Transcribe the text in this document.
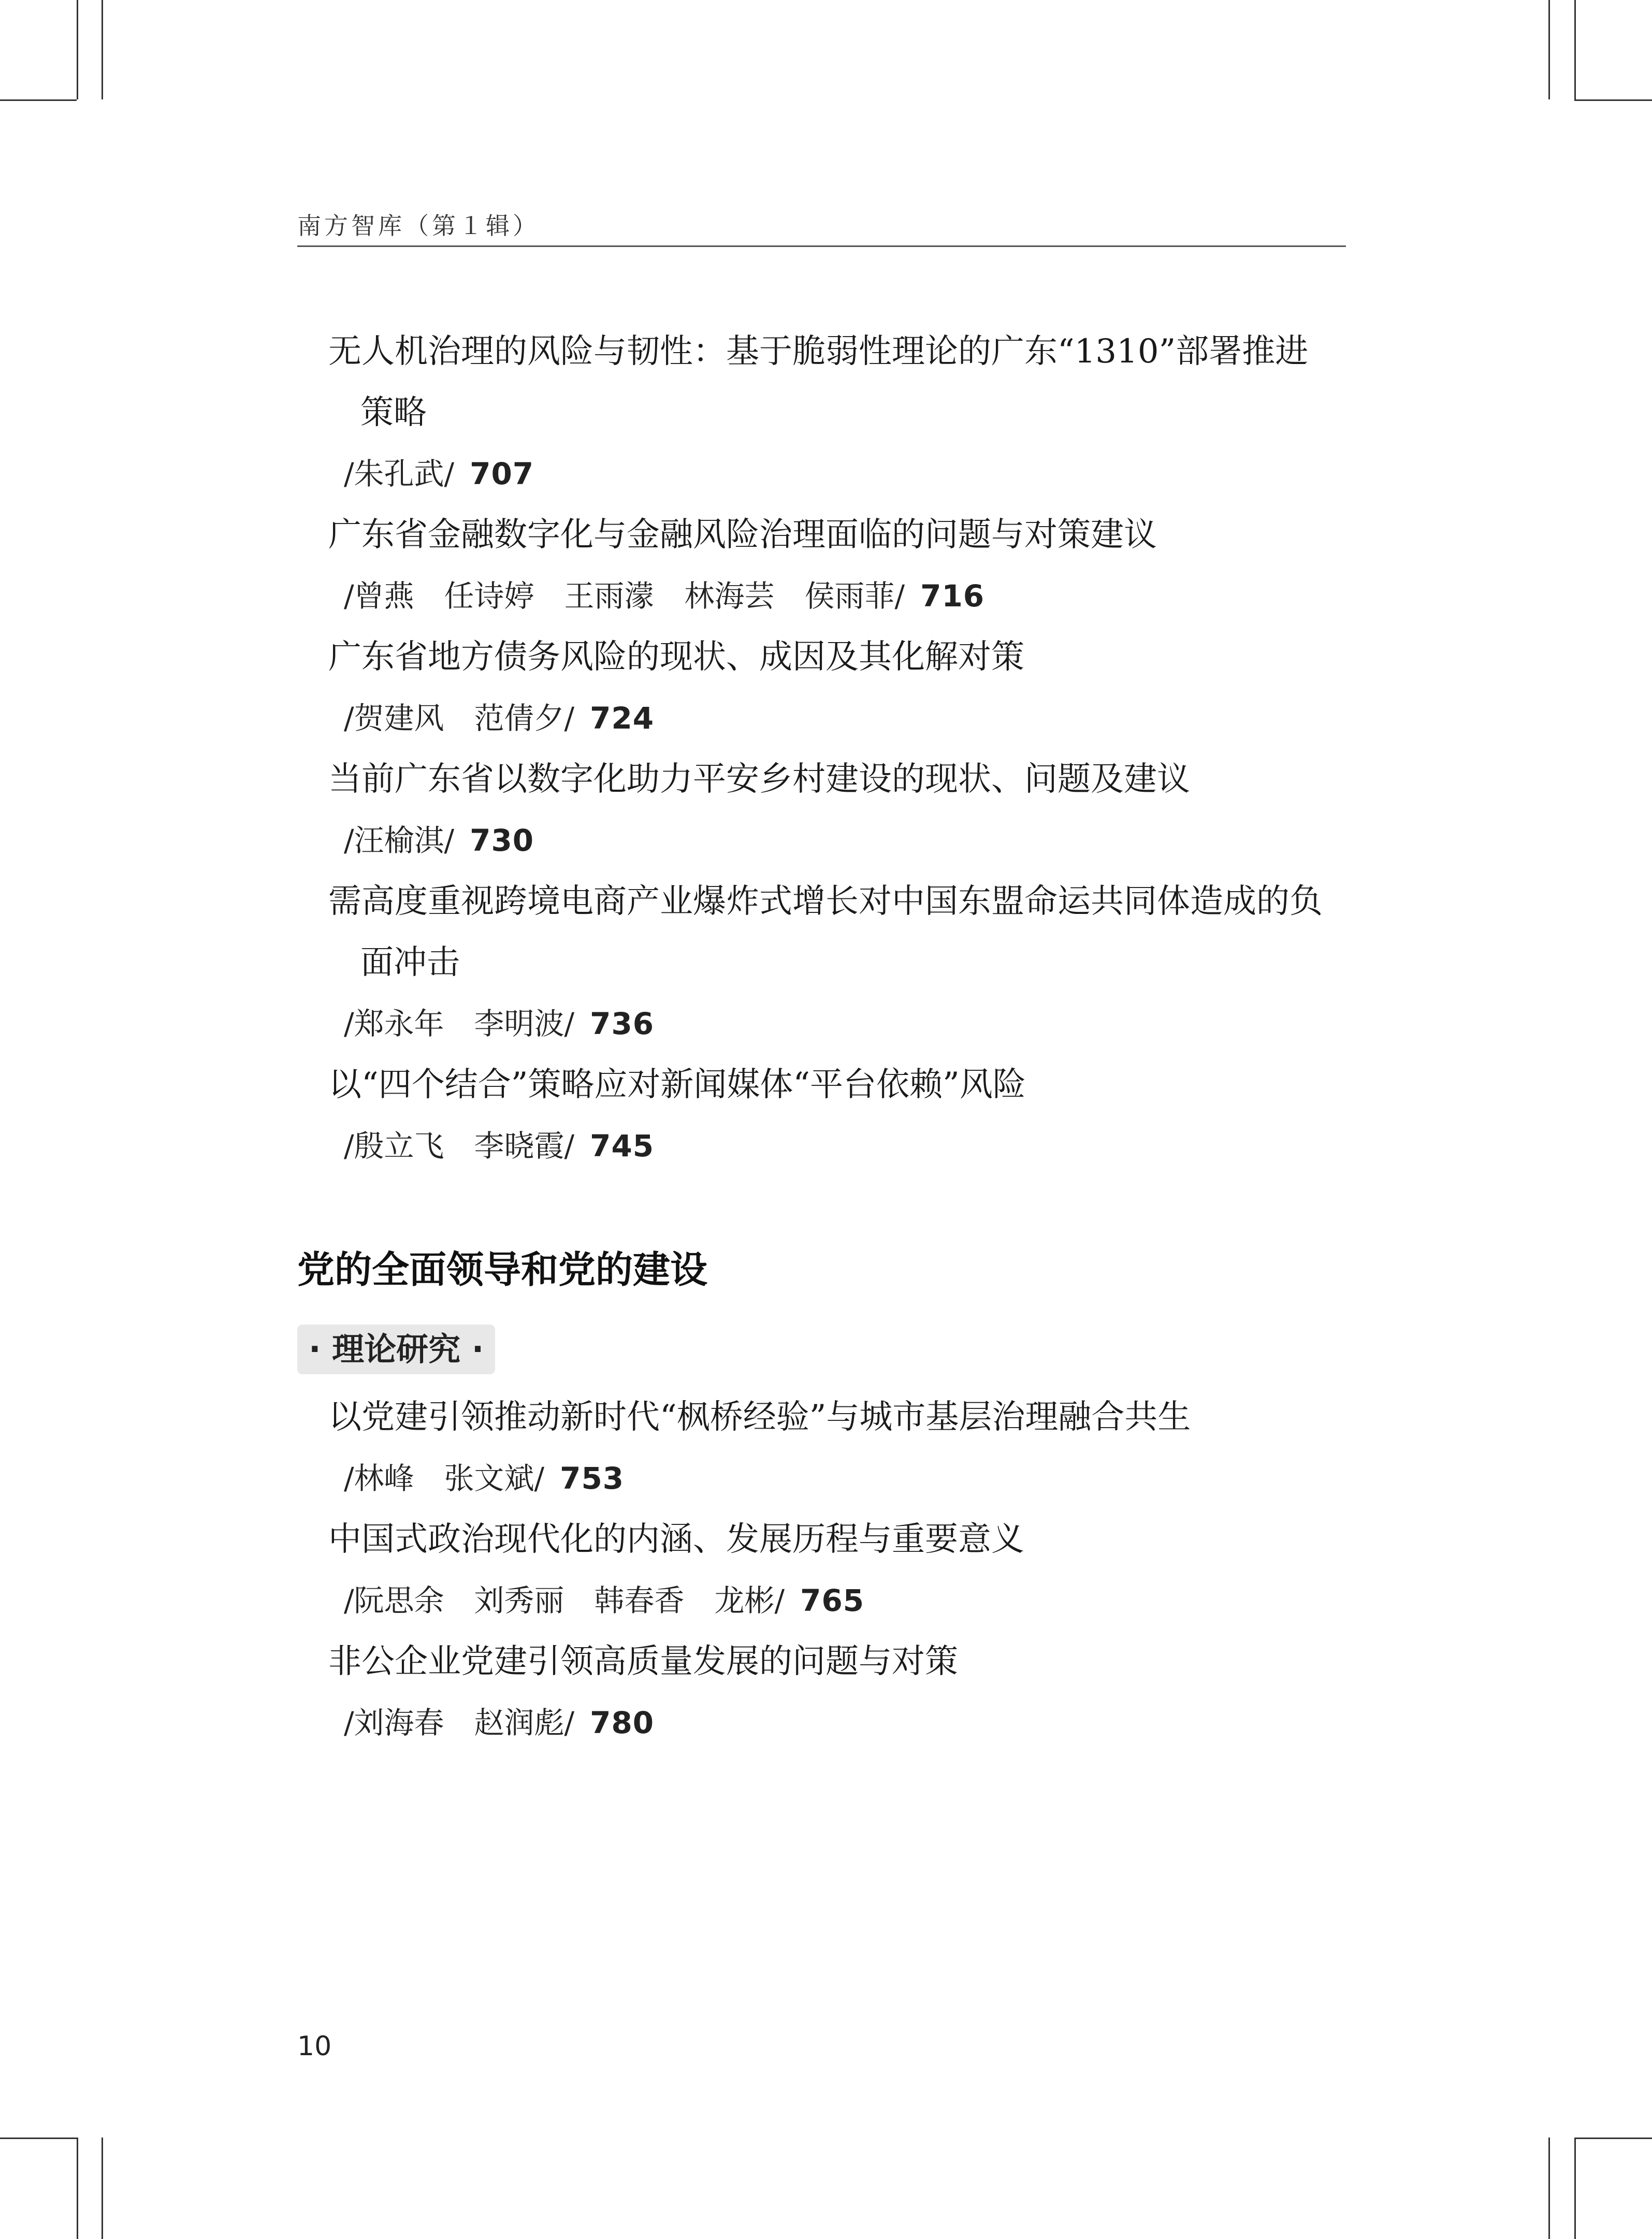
南方智库（第１辑）
无人机治理的风险与韧性：基于脆弱性理论的广东“1310”部署推进
策略
/朱孔武/ 707
广东省金融数字化与金融风险治理面临的问题与对策建议
/曾燕　任诗婷　王雨濛　林海芸　侯雨菲/ 716
广东省地方债务风险的现状、成因及其化解对策
/贺建风　范倩夕/ 724
当前广东省以数字化助力平安乡村建设的现状、问题及建议
/汪榆淇/ 730
需高度重视跨境电商产业爆炸式增长对中国东盟命运共同体造成的负
面冲击
/郑永年　李明波/ 736
以“四个结合”策略应对新闻媒体“平台依赖”风险
/殷立飞　李晓霞/ 745
党的全面领导和党的建设
· 理论研究 ·
以党建引领推动新时代“枫桥经验”与城市基层治理融合共生
/林峰　张文斌/ 753
中国式政治现代化的内涵、发展历程与重要意义
/阮思余　刘秀丽　韩春香　龙彬/ 765
非公企业党建引领高质量发展的问题与对策
/刘海春　赵润彪/ 780
10
